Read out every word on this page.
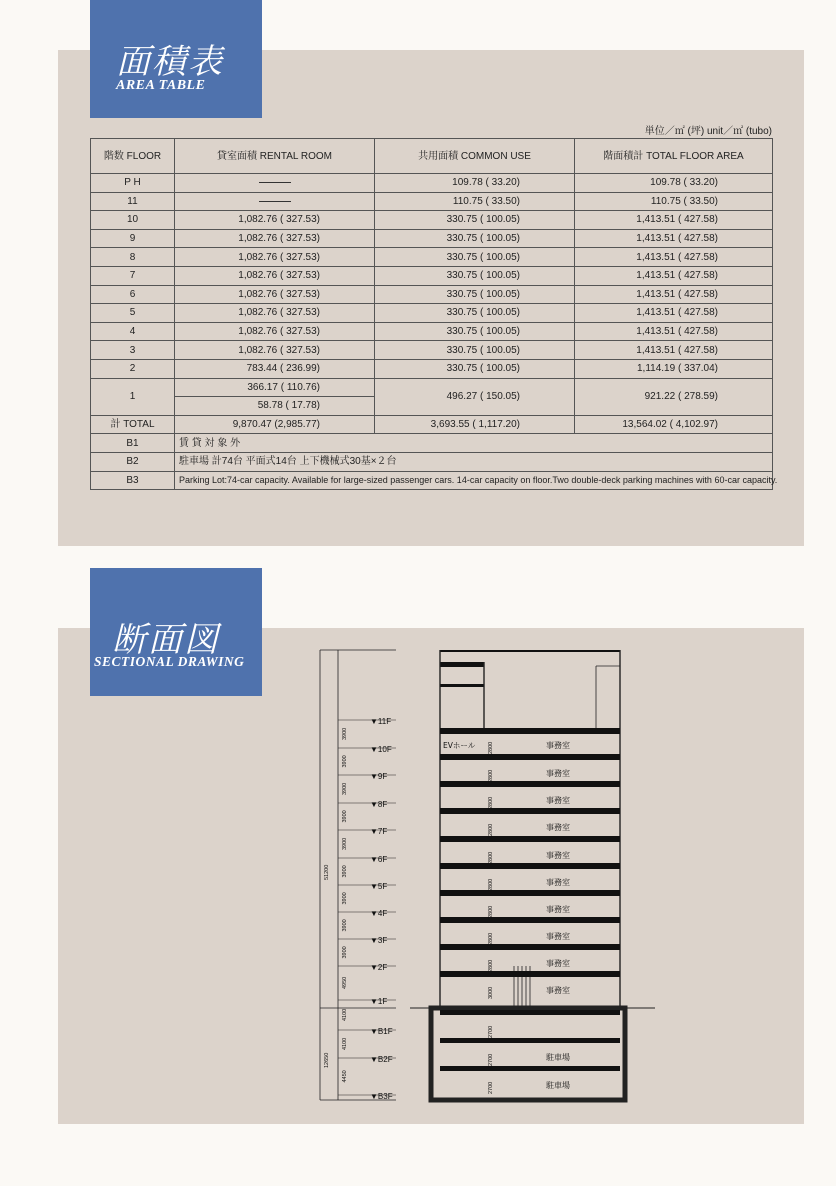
面積表
AREA TABLE
単位／㎡ (坪) unit／㎡ (tubo)
階数 FLOOR	貸室面積 RENTAL ROOM	共用面積 COMMON USE	階面積計 TOTAL FLOOR AREA
P H		109.78 ( 33.20)	109.78 ( 33.20)
11		110.75 ( 33.50)	110.75 ( 33.50)
10	1,082.76 ( 327.53)	330.75 ( 100.05)	1,413.51 ( 427.58)
9	1,082.76 ( 327.53)	330.75 ( 100.05)	1,413.51 ( 427.58)
8	1,082.76 ( 327.53)	330.75 ( 100.05)	1,413.51 ( 427.58)
7	1,082.76 ( 327.53)	330.75 ( 100.05)	1,413.51 ( 427.58)
6	1,082.76 ( 327.53)	330.75 ( 100.05)	1,413.51 ( 427.58)
5	1,082.76 ( 327.53)	330.75 ( 100.05)	1,413.51 ( 427.58)
4	1,082.76 ( 327.53)	330.75 ( 100.05)	1,413.51 ( 427.58)
3	1,082.76 ( 327.53)	330.75 ( 100.05)	1,413.51 ( 427.58)
2	783.44 ( 236.99)	330.75 ( 100.05)	1,114.19 ( 337.04)
1	366.17 ( 110.76)	496.27 ( 150.05)	921.22 ( 278.59)
	58.78 ( 17.78)		
計 TOTAL	9,870.47 (2,985.77)	3,693.55 ( 1,117.20)	13,564.02 ( 4,102.97)
B1	賃 貸 対 象 外		
B2	駐車場 計74台 平面式14台 上下機械式30基×２台		
B3	Parking Lot:74-car capacity. Available for large-sized passenger cars. 14-car capacity on floor.Two double-deck parking machines with 60-car capacity.		
断面図
SECTIONAL DRAWING
▼11F
▼10F
▼9F
▼8F
▼7F
▼6F
▼5F
▼4F
▼3F
▼2F
▼1F
▼B1F
▼B2F
▼B3F
3900
3900
3900
3900
3900
3900
3900
3900
3900
4950
4100
4100
4450
51200
12650
2800
2800
2800
2800
2800
2800
2800
2800
2800
3000
2700
2700
2700
事務室
事務室
事務室
事務室
事務室
事務室
事務室
事務室
事務室
事務室
駐車場
駐車場
EVホール
